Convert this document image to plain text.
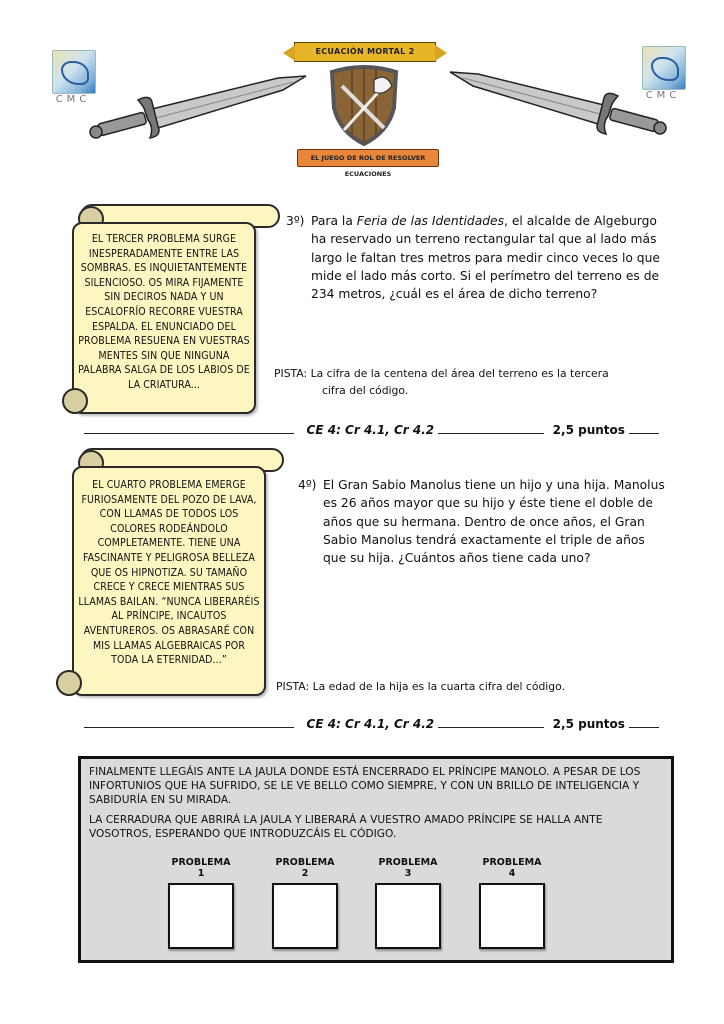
CMC
ECUACIÓN MORTAL 2
EL JUEGO DE ROL DE RESOLVER ECUACIONES
CMC
EL TERCER PROBLEMA SURGE INESPERADAMENTE ENTRE LAS SOMBRAS. ES INQUIETANTEMENTE SILENCIOSO. OS MIRA FIJAMENTE SIN DECIROS NADA Y UN ESCALOFRÍO RECORRE VUESTRA ESPALDA. EL ENUNCIADO DEL PROBLEMA RESUENA EN VUESTRAS MENTES SIN QUE NINGUNA PALABRA SALGA DE LOS LABIOS DE LA CRIATURA...
3º) Para la Feria de las Identidades, el alcalde de Algeburgo ha reservado un terreno rectangular tal que al lado más largo le faltan tres metros para medir cinco veces lo que mide el lado más corto. Si el perímetro del terreno es de 234 metros, ¿cuál es el área de dicho terreno?
PISTA: La cifra de la centena del área del terreno es la tercera
cifra del código.
CE 4: Cr 4.1, Cr 4.2	2,5 puntos
EL CUARTO PROBLEMA EMERGE FURIOSAMENTE DEL POZO DE LAVA, CON LLAMAS DE TODOS LOS COLORES RODEÁNDOLO COMPLETAMENTE. TIENE UNA FASCINANTE Y PELIGROSA BELLEZA QUE OS HIPNOTIZA. SU TAMAÑO CRECE Y CRECE MIENTRAS SUS LLAMAS BAILAN. “NUNCA LIBERARÉIS AL PRÍNCIPE, INCAUTOS AVENTUREROS. OS ABRASARÉ CON MIS LLAMAS ALGEBRAICAS POR TODA LA ETERNIDAD...”
4º) El Gran Sabio Manolus tiene un hijo y una hija. Manolus es 26 años mayor que su hijo y éste tiene el doble de años que su hermana. Dentro de once años, el Gran Sabio Manolus tendrá exactamente el triple de años que su hija. ¿Cuántos años tiene cada uno?
PISTA: La edad de la hija es la cuarta cifra del código.
CE 4: Cr 4.1, Cr 4.2	2,5 puntos

FINALMENTE LLEGÁIS ANTE LA JAULA DONDE ESTÁ ENCERRADO EL PRÍNCIPE MANOLO. A PESAR DE LOS INFORTUNIOS QUE HA SUFRIDO, SE LE VE BELLO COMO SIEMPRE, Y CON UN BRILLO DE INTELIGENCIA Y SABIDURÍA EN SU MIRADA.

LA CERRADURA QUE ABRIRÁ LA JAULA Y LIBERARÁ A VUESTRO AMADO PRÍNCIPE SE HALLA ANTE VOSOTROS, ESPERANDO QUE INTRODUZCÁIS EL CÓDIGO.

PROBLEMA 1
PROBLEMA 2
PROBLEMA 3
PROBLEMA 4
